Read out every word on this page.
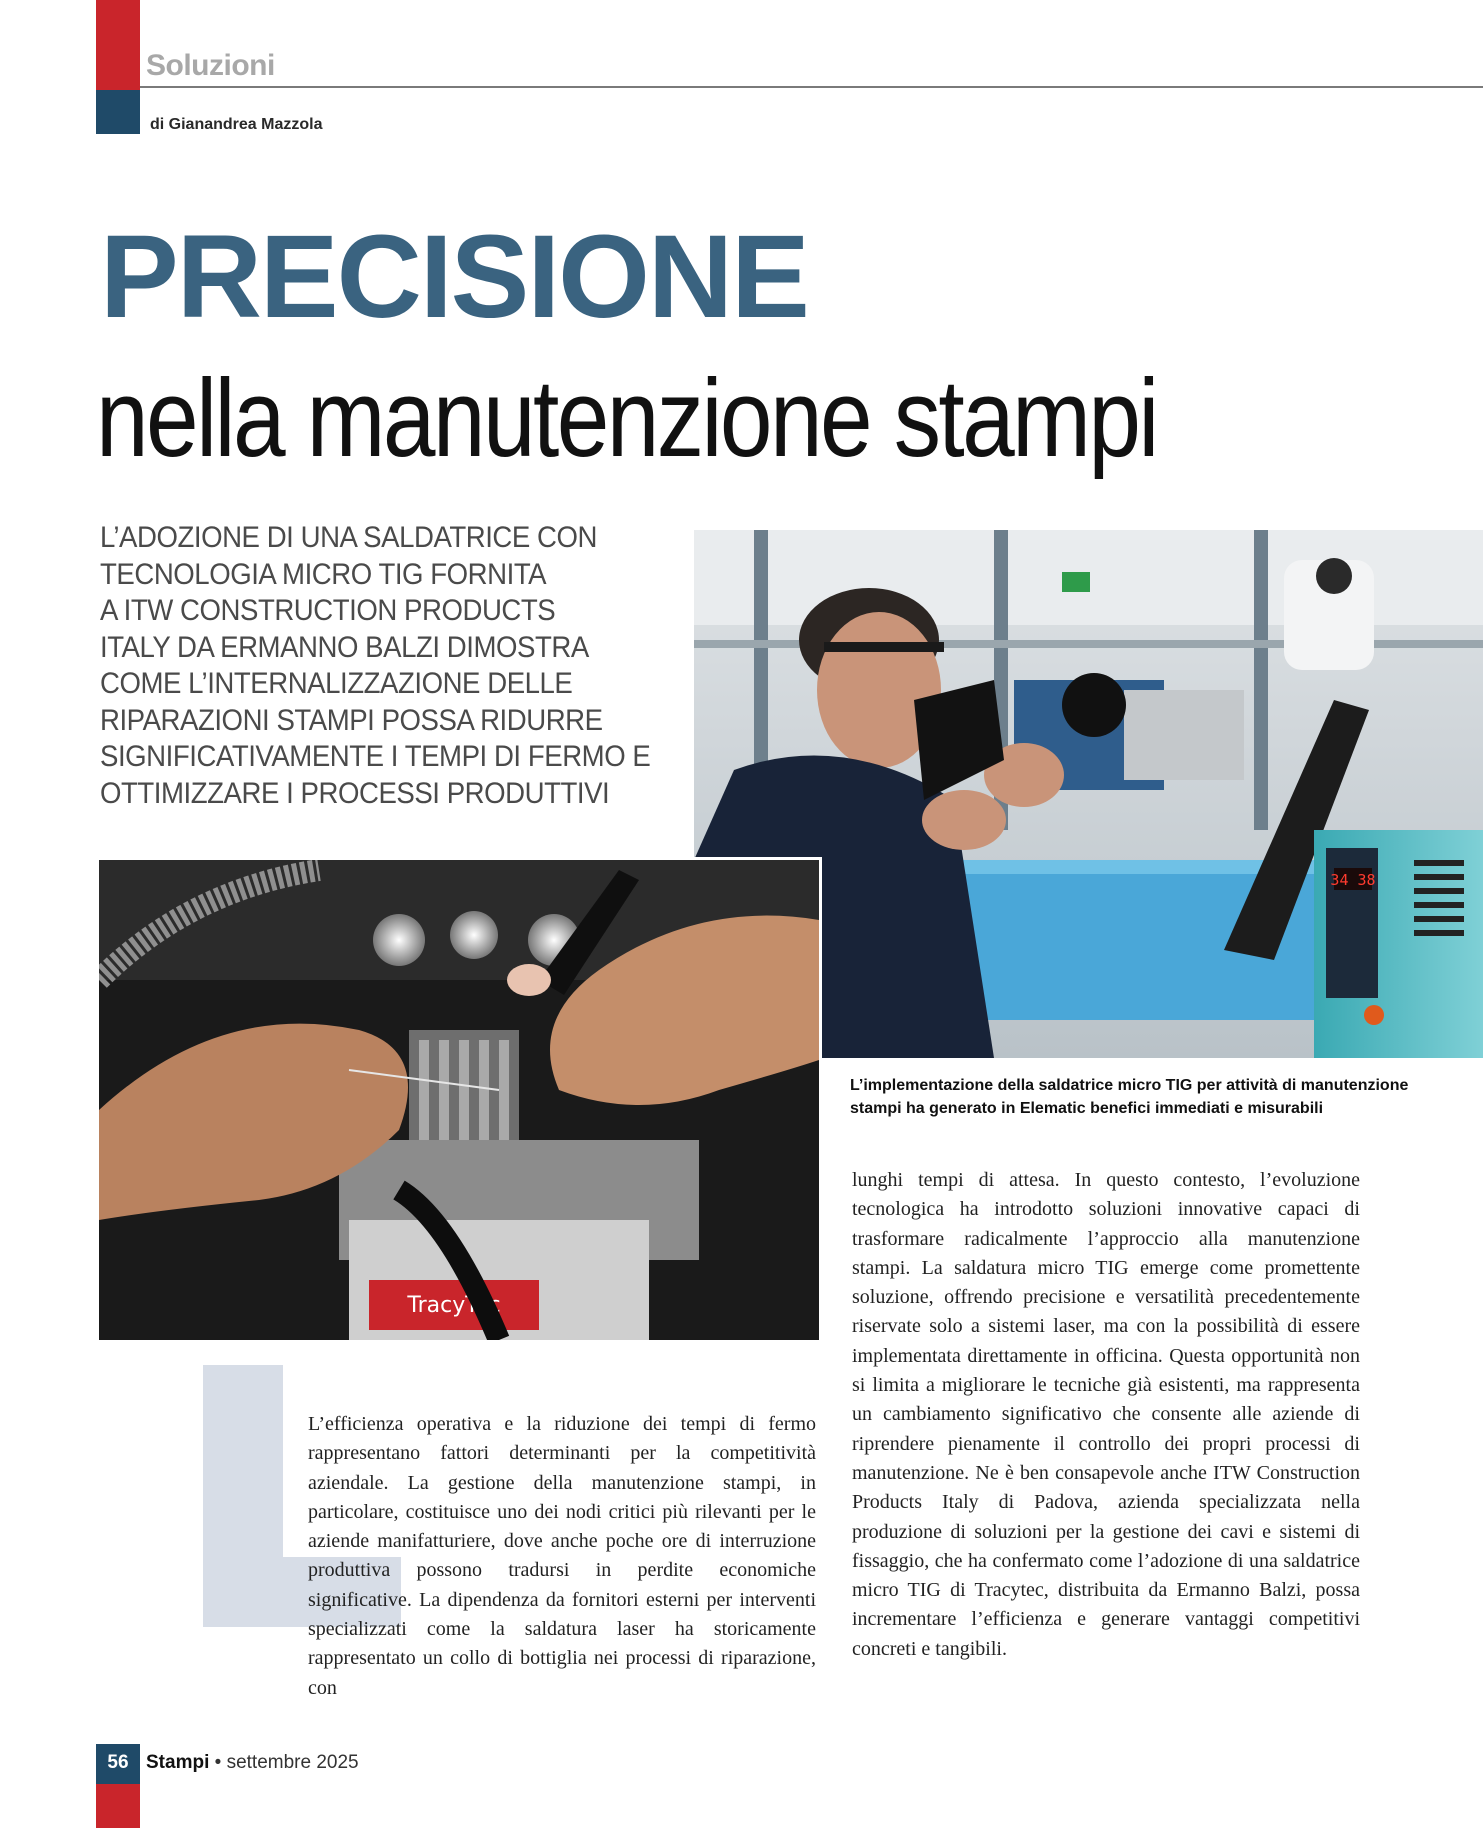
Soluzioni
di Gianandrea Mazzola
PRECISIONE
nella manutenzione stampi
L’ADOZIONE DI UNA SALDATRICE CON
TECNOLOGIA MICRO TIG FORNITA
A ITW CONSTRUCTION PRODUCTS
ITALY DA ERMANNO BALZI DIMOSTRA
COME L’INTERNALIZZAZIONE DELLE
RIPARAZIONI STAMPI POSSA RIDURRE
SIGNIFICATIVAMENTE I TEMPI DI FERMO E
OTTIMIZZARE I PROCESSI PRODUTTIVI
34 38
TracyTec
L’implementazione della saldatrice micro TIG per attività di manutenzione stampi ha generato in Elematic benefici immediati e misurabili
L’efficienza operativa e la riduzione dei tempi di fermo rappresentano fattori determinanti per la competitività aziendale. La gestione della manutenzione stampi, in particolare, costituisce uno dei nodi critici più rilevanti per le aziende manifatturiere, dove anche poche ore di interruzione produttiva possono tradursi in perdite economiche significative. La dipendenza da fornitori esterni per interventi specializzati come la saldatura laser ha storicamente rappresentato un collo di bottiglia nei processi di riparazione, con
lunghi tempi di attesa. In questo contesto, l’evoluzione tecnologica ha introdotto soluzioni innovative capaci di trasformare radicalmente l’approccio alla manutenzione stampi. La saldatura micro TIG emerge come promettente soluzione, offrendo precisione e versatilità precedentemente riservate solo a sistemi laser, ma con la possibilità di essere implementata direttamente in officina. Questa opportunità non si limita a migliorare le tecniche già esistenti, ma rappresenta un cambiamento significativo che consente alle aziende di riprendere pienamente il controllo dei propri processi di manutenzione. Ne è ben consapevole anche ITW Construction Products Italy di Padova, azienda specializzata nella produzione di soluzioni per la gestione dei cavi e sistemi di fissaggio, che ha confermato come l’adozione di una saldatrice micro TIG di Tracytec, distribuita da Ermanno Balzi, possa incrementare l’efficienza e generare vantaggi competitivi concreti e tangibili.
56 Stampi • settembre 2025
